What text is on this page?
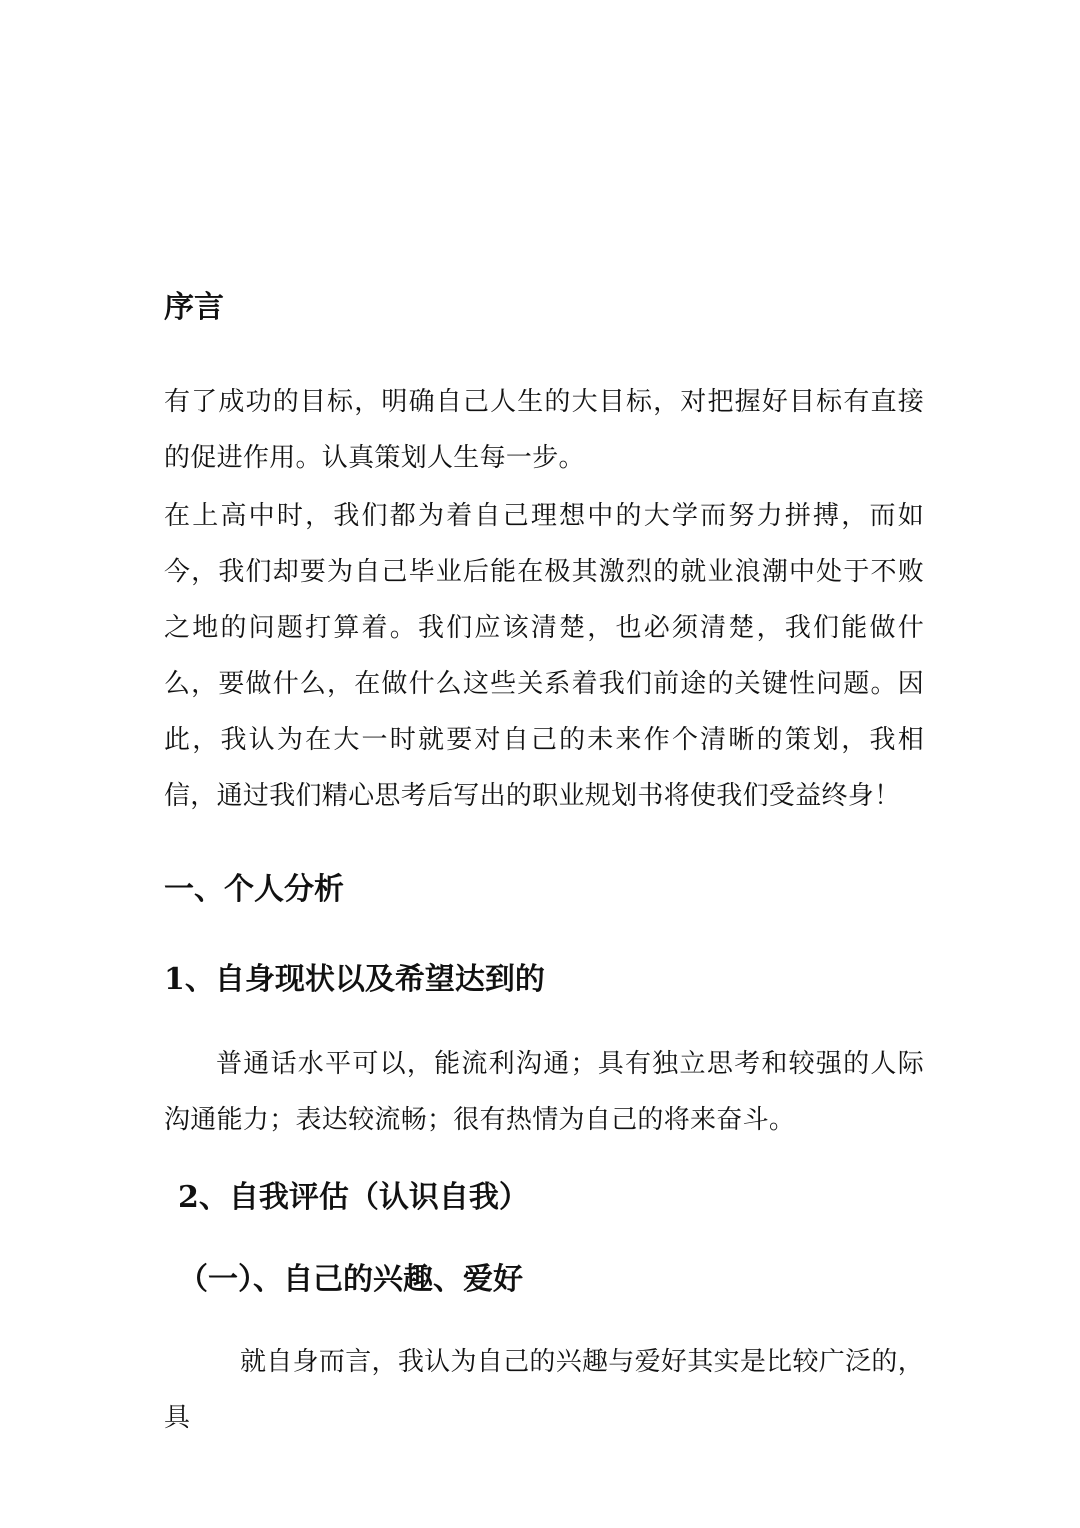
序言

有了成功的目标，明确自己人生的大目标，对把握好目标有直接的促进作用。认真策划人生每一步。

在上高中时，我们都为着自己理想中的大学而努力拼搏，而如今，我们却要为自己毕业后能在极其激烈的就业浪潮中处于不败之地的问题打算着。我们应该清楚，也必须清楚，我们能做什么，要做什么，在做什么这些关系着我们前途的关键性问题。因此，我认为在大一时就要对自己的未来作个清晰的策划，我相信，通过我们精心思考后写出的职业规划书将使我们受益终身！

一、个人分析
1、自身现状以及希望达到的

普通话水平可以，能流利沟通；具有独立思考和较强的人际沟通能力；表达较流畅；很有热情为自己的将来奋斗。

2、自我评估（认识自我）
（一）、自己的兴趣、爱好

就自身而言，我认为自己的兴趣与爱好其实是比较广泛的，具
